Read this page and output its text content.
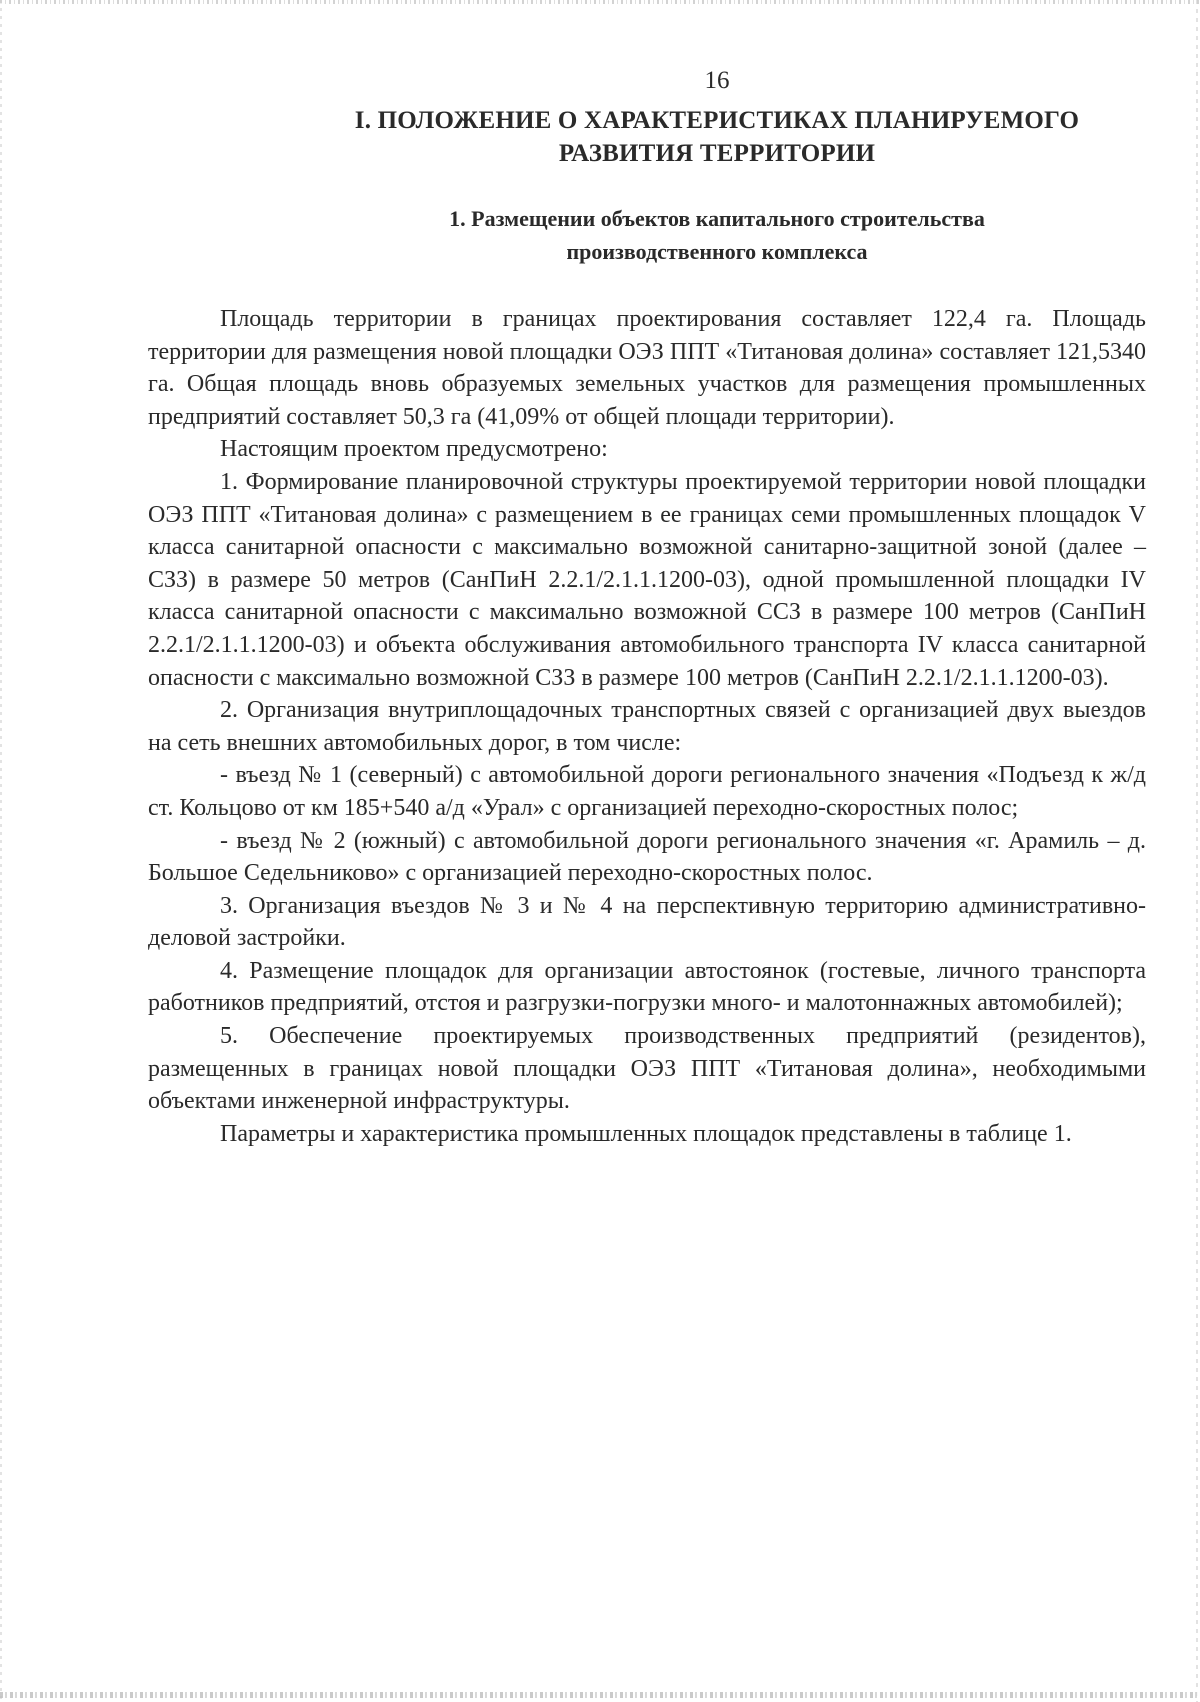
16
I. ПОЛОЖЕНИЕ О ХАРАКТЕРИСТИКАХ ПЛАНИРУЕМОГО
РАЗВИТИЯ ТЕРРИТОРИИ
1. Размещении объектов капитального строительства
производственного комплекса

Площадь территории в границах проектирования составляет 122,4 га. Площадь территории для размещения новой площадки ОЭЗ ППТ «Титановая долина» составляет 121,5340 га. Общая площадь вновь образуемых земельных участков для размещения промышленных предприятий составляет 50,3 га (41,09% от общей площади территории).

Настоящим проектом предусмотрено:

1. Формирование планировочной структуры проектируемой территории новой площадки ОЭЗ ППТ «Титановая долина» с размещением в ее границах семи промышленных площадок V класса санитарной опасности с максимально возможной санитарно-защитной зоной (далее – СЗЗ) в размере 50 метров (СанПиН 2.2.1/2.1.1.1200-03), одной промышленной площадки IV класса санитарной опасности с максимально возможной ССЗ в размере 100 метров (СанПиН 2.2.1/2.1.1.1200-03) и объекта обслуживания автомобильного транспорта IV класса санитарной опасности с максимально возможной СЗЗ в размере 100 метров (СанПиН 2.2.1/2.1.1.1200-03).

2. Организация внутриплощадочных транспортных связей с организацией двух выездов на сеть внешних автомобильных дорог, в том числе:

- въезд № 1 (северный) с автомобильной дороги регионального значения «Подъезд к ж/д ст. Кольцово от км 185+540 а/д «Урал» с организацией переходно-скоростных полос;

- въезд № 2 (южный) с автомобильной дороги регионального значения «г. Арамиль – д. Большое Седельниково» с организацией переходно-скоростных полос.

3. Организация въездов № 3 и № 4 на перспективную территорию административно-деловой застройки.

4. Размещение площадок для организации автостоянок (гостевые, личного транспорта работников предприятий, отстоя и разгрузки-погрузки много- и малотоннажных автомобилей);

5. Обеспечение проектируемых производственных предприятий (резидентов), размещенных в границах новой площадки ОЭЗ ППТ «Титановая долина», необходимыми объектами инженерной инфраструктуры.

Параметры и характеристика промышленных площадок представлены в таблице 1.
